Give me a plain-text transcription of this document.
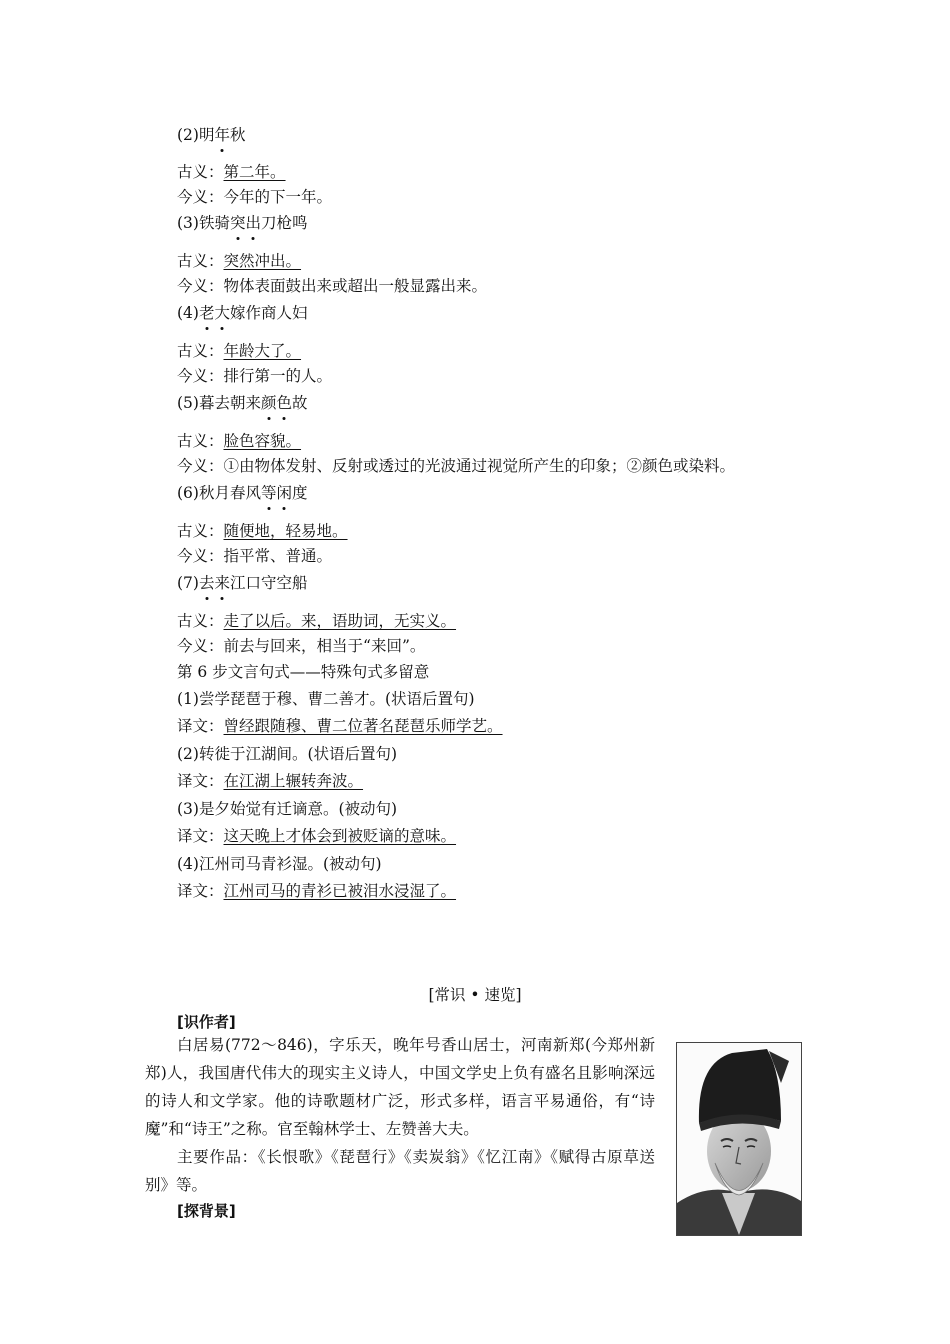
(2)明年秋
古义：第二年。
今义：今年的下一年。
(3)铁骑突出刀枪鸣
古义：突然冲出。
今义：物体表面鼓出来或超出一般显露出来。
(4)老大嫁作商人妇
古义：年龄大了。
今义：排行第一的人。
(5)暮去朝来颜色故
古义：脸色容貌。
今义：①由物体发射、反射或透过的光波通过视觉所产生的印象；②颜色或染料。
(6)秋月春风等闲度
古义：随便地，轻易地。
今义：指平常、普通。
(7)去来江口守空船
古义：走了以后。来，语助词，无实义。
今义：前去与回来，相当于“来回”。
第 6 步文言句式——特殊句式多留意
(1)尝学琵琶于穆、曹二善才。(状语后置句)
译文：曾经跟随穆、曹二位著名琵琶乐师学艺。
(2)转徙于江湖间。(状语后置句)
译文：在江湖上辗转奔波。
(3)是夕始觉有迁谪意。(被动句)
译文：这天晚上才体会到被贬谪的意味。
(4)江州司马青衫湿。(被动句)
译文：江州司马的青衫已被泪水浸湿了。
[常识 • 速览]
[识作者]
白居易(772～846)，字乐天，晚年号香山居士，河南新郑(今郑州新郑)人，我国唐代伟大的现实主义诗人，中国文学史上负有盛名且影响深远的诗人和文学家。他的诗歌题材广泛，形式多样，语言平易通俗，有“诗魔”和“诗王”之称。官至翰林学士、左赞善大夫。
主要作品：《长恨歌》《琵琶行》《卖炭翁》《忆江南》《赋得古原草送别》等。
[探背景]
